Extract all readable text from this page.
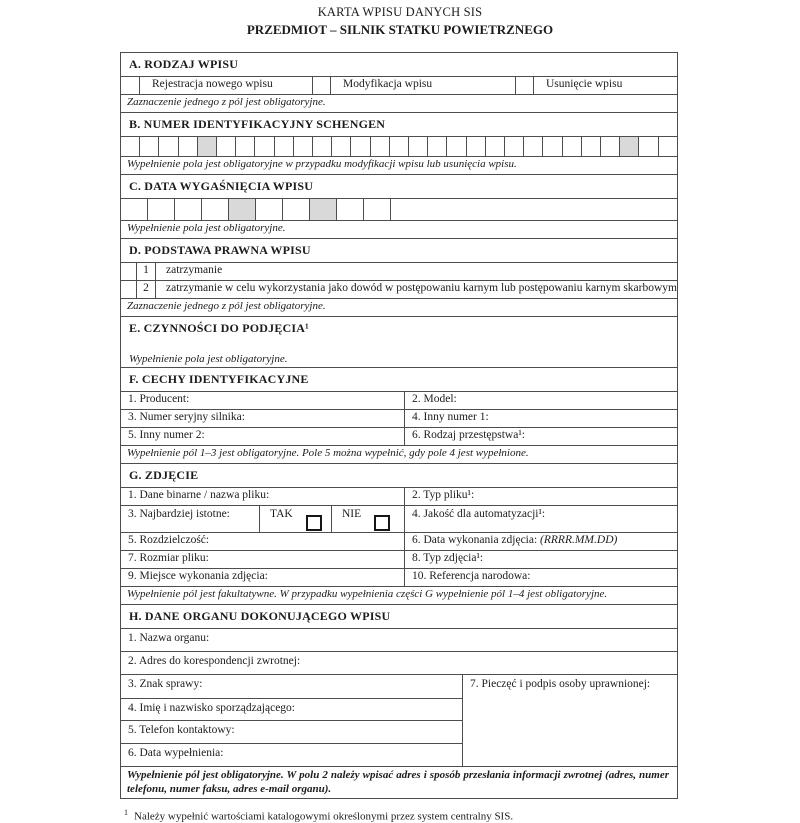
KARTA WPISU DANYCH SIS
PRZEDMIOT – SILNIK STATKU POWIETRZNEGO
A. RODZAJ WPISU
Rejestracja nowego wpisu	Modyfikacja wpisu	Usunięcie wpisu
Zaznaczenie jednego z pól jest obligatoryjne.
B. NUMER IDENTYFIKACYJNY SCHENGEN
Wypełnienie pola jest obligatoryjne w przypadku modyfikacji wpisu lub usunięcia wpisu.
C. DATA WYGAŚNIĘCIA WPISU
Wypełnienie pola jest obligatoryjne.
D. PODSTAWA PRAWNA WPISU
1	zatrzymanie
2	zatrzymanie w celu wykorzystania jako dowód w postępowaniu karnym lub postępowaniu karnym skarbowym
Zaznaczenie jednego z pól jest obligatoryjne.
E. CZYNNOŚCI DO PODJĘCIA¹
Wypełnienie pola jest obligatoryjne.
F. CECHY IDENTYFIKACYJNE
1. Producent:	2. Model:
3. Numer seryjny silnika:	4. Inny numer 1:
5. Inny numer 2:	6. Rodzaj przestępstwa¹:
Wypełnienie pól 1–3 jest obligatoryjne. Pole 5 można wypełnić, gdy pole 4 jest wypełnione.
G. ZDJĘCIE
1. Dane binarne / nazwa pliku:	2. Typ pliku¹:
3. Najbardziej istotne:	TAK	NIE	4. Jakość dla automatyzacji¹:
5. Rozdzielczość:	6. Data wykonania zdjęcia: (RRRR.MM.DD)
7. Rozmiar pliku:	8. Typ zdjęcia¹:
9. Miejsce wykonania zdjęcia:	10. Referencja narodowa:
Wypełnienie pól jest fakultatywne. W przypadku wypełnienia części G wypełnienie pól 1–4 jest obligatoryjne.
H. DANE ORGANU DOKONUJĄCEGO WPISU
1. Nazwa organu:
2. Adres do korespondencji zwrotnej:
3. Znak sprawy:
4. Imię i nazwisko sporządzającego:
5. Telefon kontaktowy:
6. Data wypełnienia:
7. Pieczęć i podpis osoby uprawnionej:
Wypełnienie pól jest obligatoryjne. W polu 2 należy wpisać adres i sposób przesłania informacji zwrotnej (adres, numer telefonu, numer faksu, adres e-mail organu).
$^1$ Należy wypełnić wartościami katalogowymi określonymi przez system centralny SIS.
